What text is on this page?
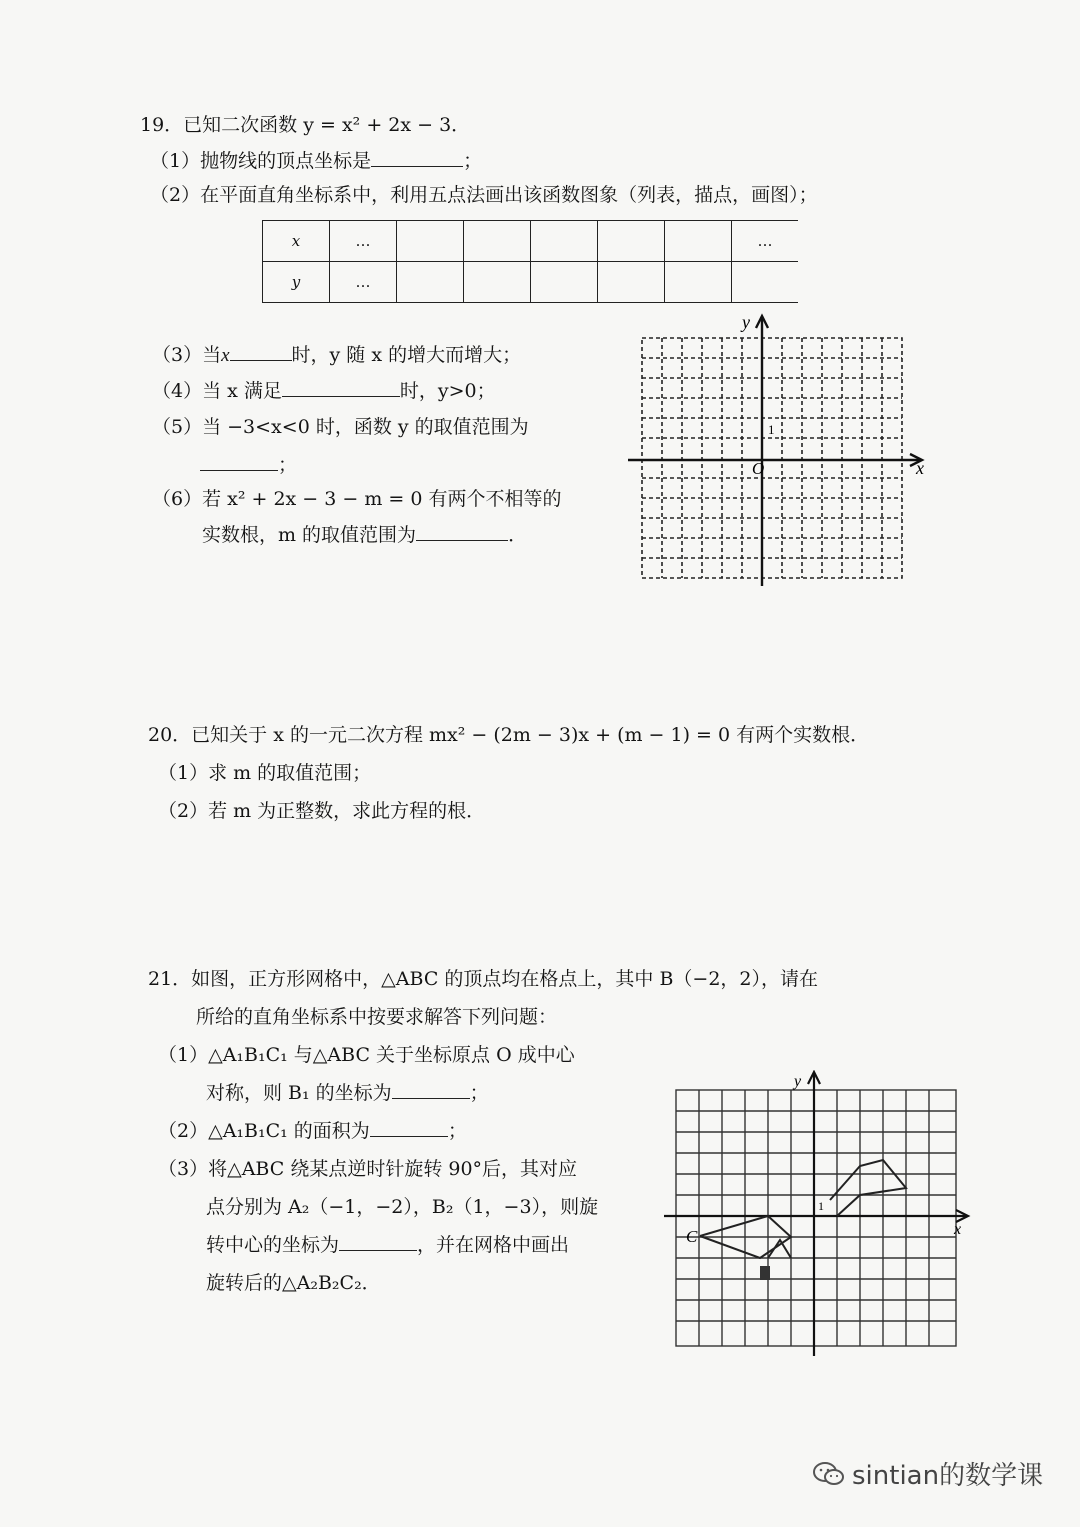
19．已知二次函数 y = x² + 2x − 3．
（1）抛物线的顶点坐标是	；
（2）在平面直角坐标系中，利用五点法画出该函数图象（列表，描点，画图）；
x	…						…
y	…						
（3）当x	时，y 随 x 的增大而增大；
（4）当 x 满足	时，y>0；
（5）当 −3<x<0 时，函数 y 的取值范围为
；
（6）若 x² + 2x − 3 − m = 0 有两个不相等的
实数根，m 的取值范围为	．
y
x
O
1
20．已知关于 x 的一元二次方程 mx² − (2m − 3)x + (m − 1) = 0 有两个实数根．
（1）求 m 的取值范围；
（2）若 m 为正整数，求此方程的根．
21．如图，正方形网格中，△ABC 的顶点均在格点上，其中 B（−2，2），请在
所给的直角坐标系中按要求解答下列问题：
（1）△A₁B₁C₁ 与△ABC 关于坐标原点 O 成中心
对称，则 B₁ 的坐标为	；
（2）△A₁B₁C₁ 的面积为	；
（3）将△ABC 绕某点逆时针旋转 90°后，其对应
点分别为 A₂（−1，−2），B₂（1，−3），则旋
转中心的坐标为	，并在网格中画出
旋转后的△A₂B₂C₂．
y
x
C
1
sintian的数学课
